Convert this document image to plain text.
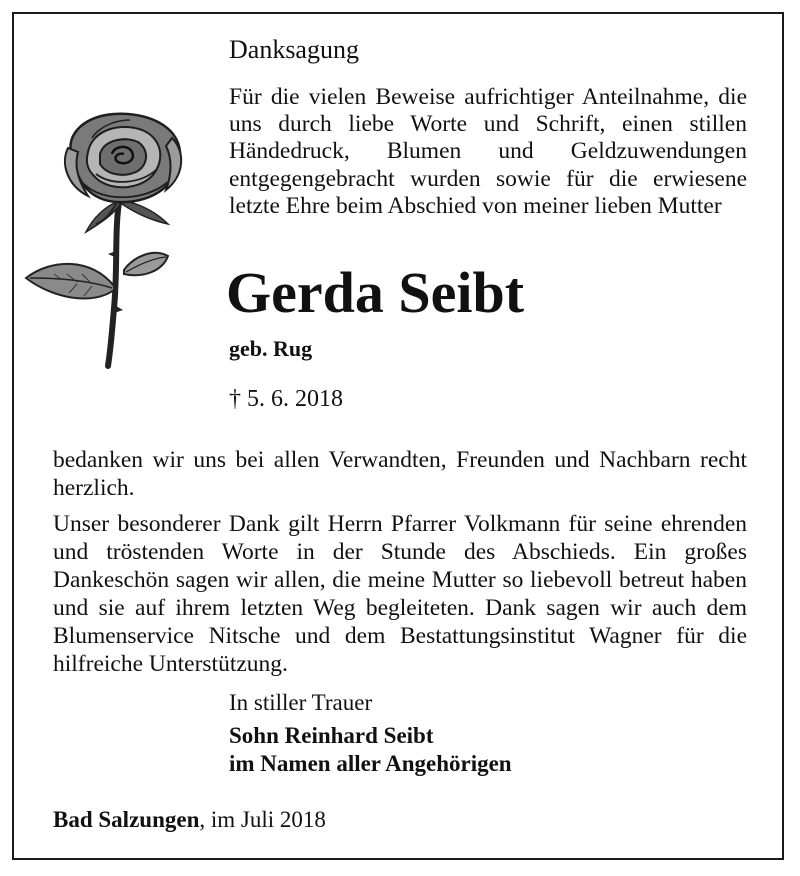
Danksagung

Für die vielen Beweise aufrichtiger Anteilnahme, die uns durch liebe Worte und Schrift, einen stillen Händedruck, Blumen und Geldzuwendungen entgegengebracht wurden sowie für die erwiesene letzte Ehre beim Abschied von meiner lieben Mutter

Gerda Seibt

geb. Rug

† 5. 6. 2018

bedanken wir uns bei allen Verwandten, Freunden und Nachbarn recht herzlich.

Unser besonderer Dank gilt Herrn Pfarrer Volkmann für seine ehrenden und tröstenden Worte in der Stunde des Abschieds. Ein großes Dankeschön sagen wir allen, die meine Mutter so liebevoll betreut haben und sie auf ihrem letzten Weg begleiteten. Dank sagen wir auch dem Blumenservice Nitsche und dem Bestattungsinstitut Wagner für die hilfreiche Unterstützung.

In stiller Trauer

Sohn Reinhard Seibt

im Namen aller Angehörigen

Bad Salzungen, im Juli 2018
